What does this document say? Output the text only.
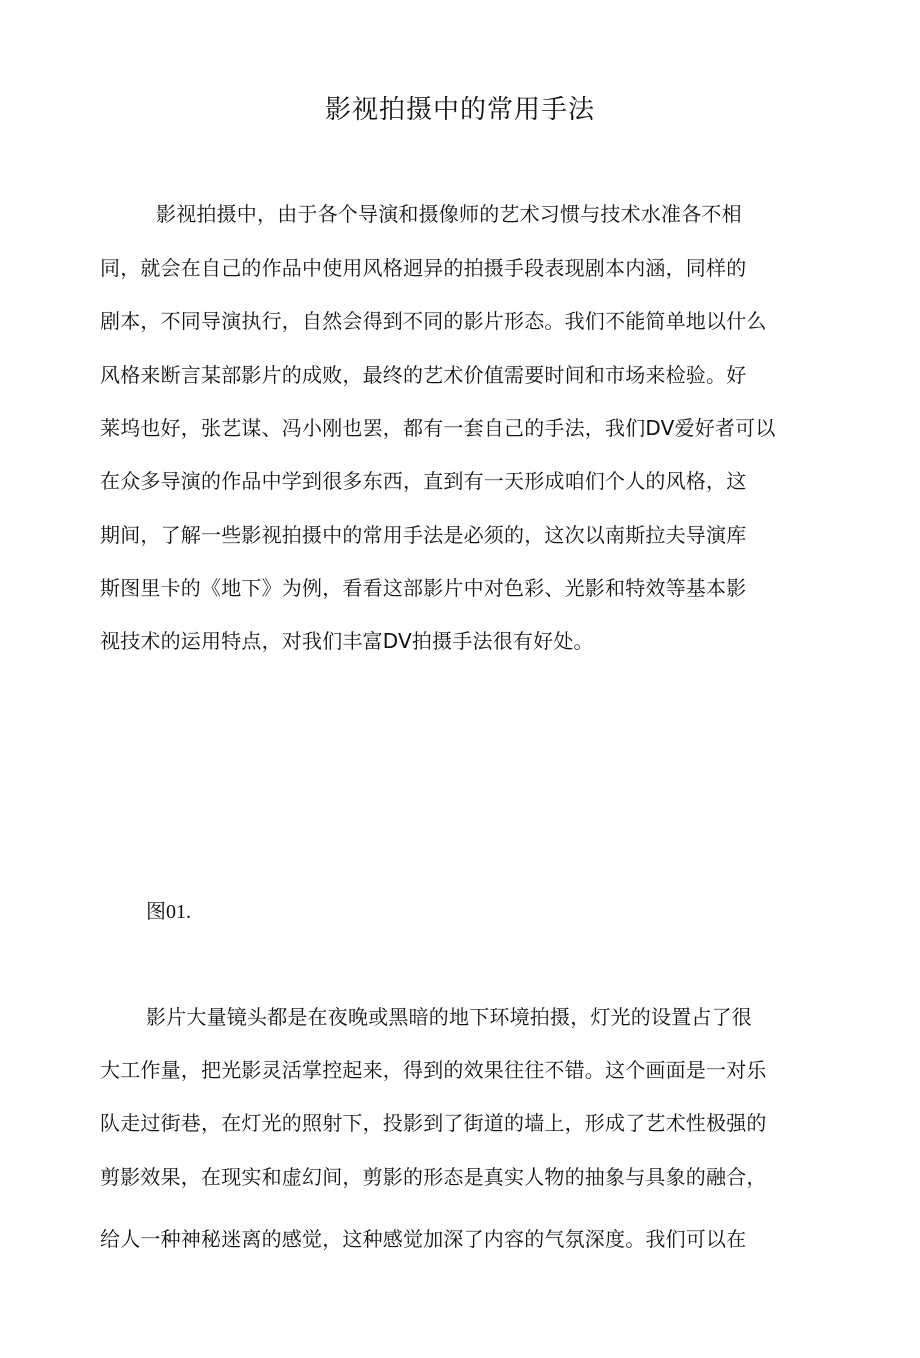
影视拍摄中的常用手法
影视拍摄中，由于各个导演和摄像师的艺术习惯与技术水准各不相
同，就会在自己的作品中使用风格迥异的拍摄手段表现剧本内涵，同样的
剧本，不同导演执行，自然会得到不同的影片形态。我们不能简单地以什么
风格来断言某部影片的成败，最终的艺术价值需要时间和市场来检验。好
莱坞也好，张艺谋、冯小刚也罢，都有一套自己的手法，我们DV爱好者可以
在众多导演的作品中学到很多东西，直到有一天形成咱们个人的风格，这
期间，了解一些影视拍摄中的常用手法是必须的，这次以南斯拉夫导演库
斯图里卡的《地下》为例，看看这部影片中对色彩、光影和特效等基本影
视技术的运用特点，对我们丰富DV拍摄手法很有好处。
图01.
影片大量镜头都是在夜晚或黑暗的地下环境拍摄，灯光的设置占了很
大工作量，把光影灵活掌控起来，得到的效果往往不错。这个画面是一对乐
队走过街巷，在灯光的照射下，投影到了街道的墙上，形成了艺术性极强的
剪影效果，在现实和虚幻间，剪影的形态是真实人物的抽象与具象的融合，
给人一种神秘迷离的感觉，这种感觉加深了内容的气氛深度。我们可以在
